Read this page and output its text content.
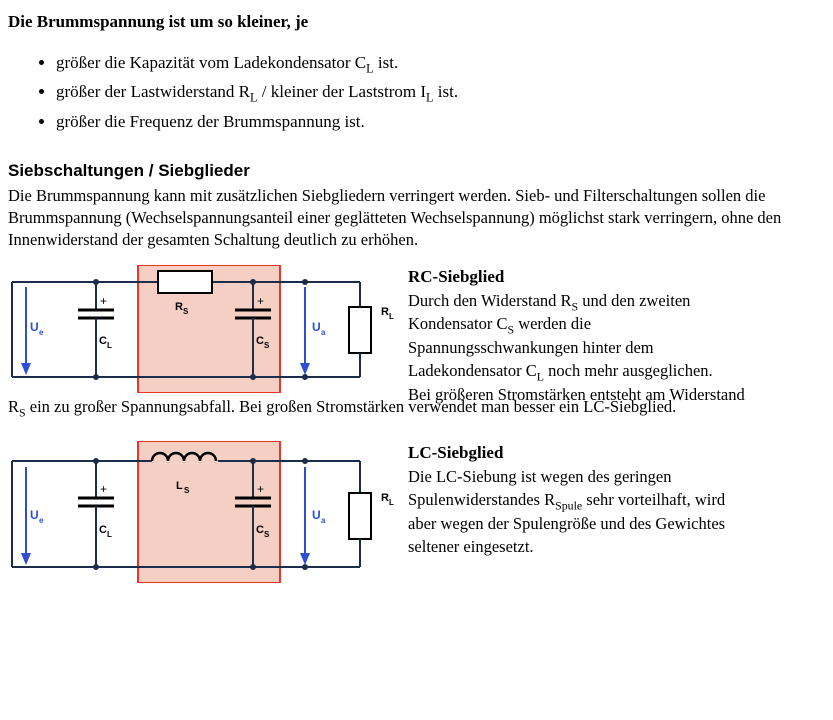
Die Brummspannung ist um so kleiner, je
• größer die Kapazität vom Ladekondensator $C_L$ ist.
• größer der Lastwiderstand $R_L$ / kleiner der Laststrom $I_L$ ist.
• größer die Frequenz der Brummspannung ist.
Siebschaltungen / Siebglieder

Die Brummspannung kann mit zusätzlichen Siebgliedern verringert werden. Sieb- und Filterschaltungen sollen die Brummspannung (Wechselspannungsanteil einer geglätteten Wechselspannung) möglichst stark verringern, ohne den Innenwiderstand der gesamten Schaltung deutlich zu erhöhen.

U e	U a
C L	C S
R S	R L
+	+
RC-Siebglied
Durch den Widerstand $R_S$ und den zweiten
Kondensator $C_S$ werden die
Spannungsschwankungen hinter dem
Ladekondensator $C_L$ noch mehr ausgeglichen.
Bei größeren Stromstärken entsteht am Widerstand

$R_S$ ein zu großer Spannungsabfall. Bei großen Stromstärken verwendet man besser ein LC-Siebglied.

U e	U a
C L	C S
L S
R L
+	+
LC-Siebglied
Die LC-Siebung ist wegen des geringen
Spulenwiderstandes $R_{Spule}$ sehr vorteilhaft, wird
aber wegen der Spulengröße und des Gewichtes
seltener eingesetzt.
